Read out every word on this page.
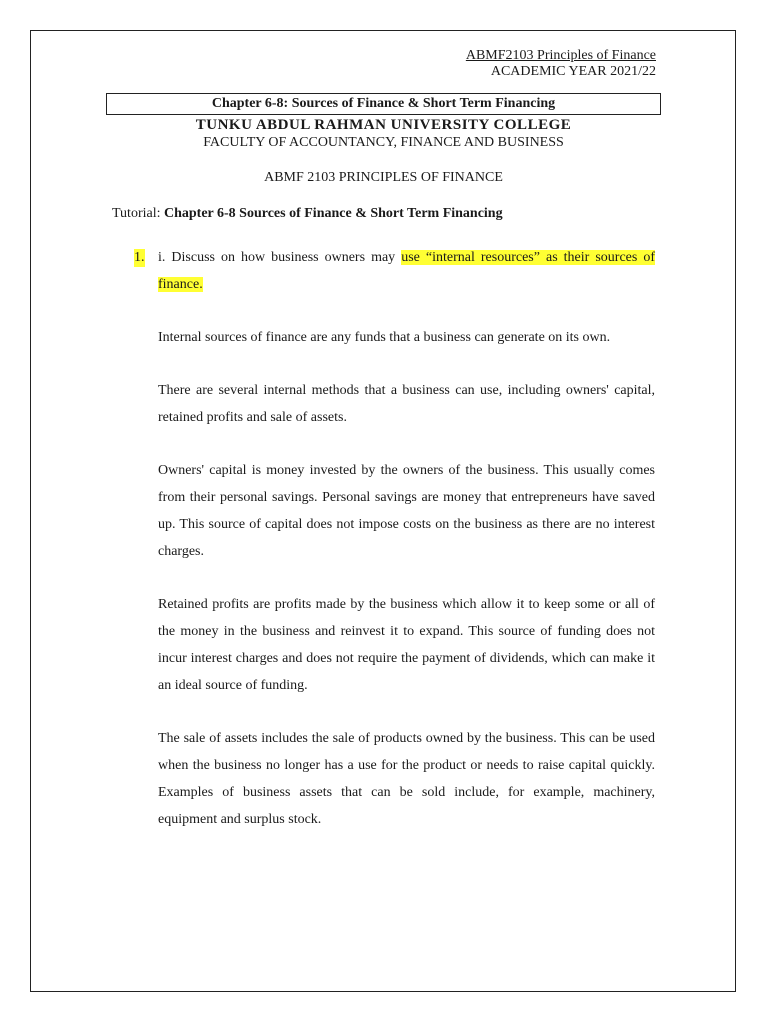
ABMF2103 Principles of Finance
ACADEMIC YEAR 2021/22
Chapter 6-8: Sources of Finance & Short Term Financing
TUNKU ABDUL RAHMAN UNIVERSITY COLLEGE
FACULTY OF ACCOUNTANCY, FINANCE AND BUSINESS
ABMF 2103 PRINCIPLES OF FINANCE
Tutorial: Chapter 6-8 Sources of Finance & Short Term Financing
1. i. Discuss on how business owners may use “internal resources” as their sources of finance.

Internal sources of finance are any funds that a business can generate on its own.

There are several internal methods that a business can use, including owners' capital, retained profits and sale of assets.

Owners' capital is money invested by the owners of the business. This usually comes from their personal savings. Personal savings are money that entrepreneurs have saved up. This source of capital does not impose costs on the business as there are no interest charges.

Retained profits are profits made by the business which allow it to keep some or all of the money in the business and reinvest it to expand. This source of funding does not incur interest charges and does not require the payment of dividends, which can make it an ideal source of funding.

The sale of assets includes the sale of products owned by the business. This can be used when the business no longer has a use for the product or needs to raise capital quickly. Examples of business assets that can be sold include, for example, machinery, equipment and surplus stock.
